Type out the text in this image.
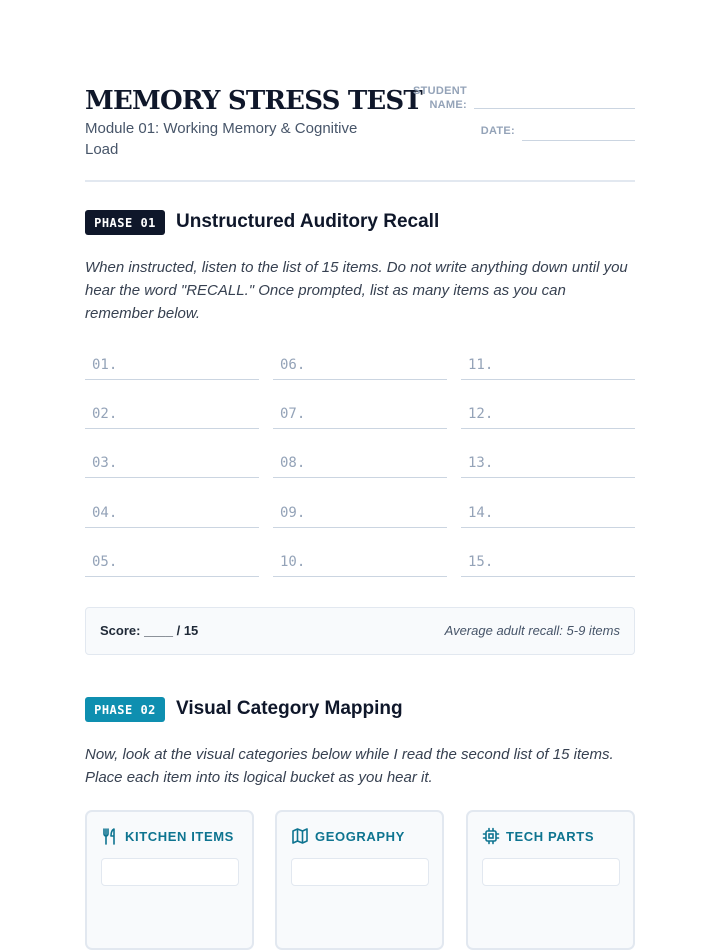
MEMORY STRESS TEST
Module 01: Working Memory & Cognitive Load
STUDENT NAME:
DATE:
PHASE 01	Unstructured Auditory Recall
When instructed, listen to the list of 15 items. Do not write anything down until you hear the word "RECALL." Once prompted, list as many items as you can remember below.
01.
02.
03.
04.
05.
06.
07.
08.
09.
10.
11.
12.
13.
14.
15.
Score: ____ / 15	Average adult recall: 5-9 items
PHASE 02	Visual Category Mapping
Now, look at the visual categories below while I read the second list of 15 items. Place each item into its logical bucket as you hear it.
KITCHEN ITEMS	GEOGRAPHY	TECH PARTS
